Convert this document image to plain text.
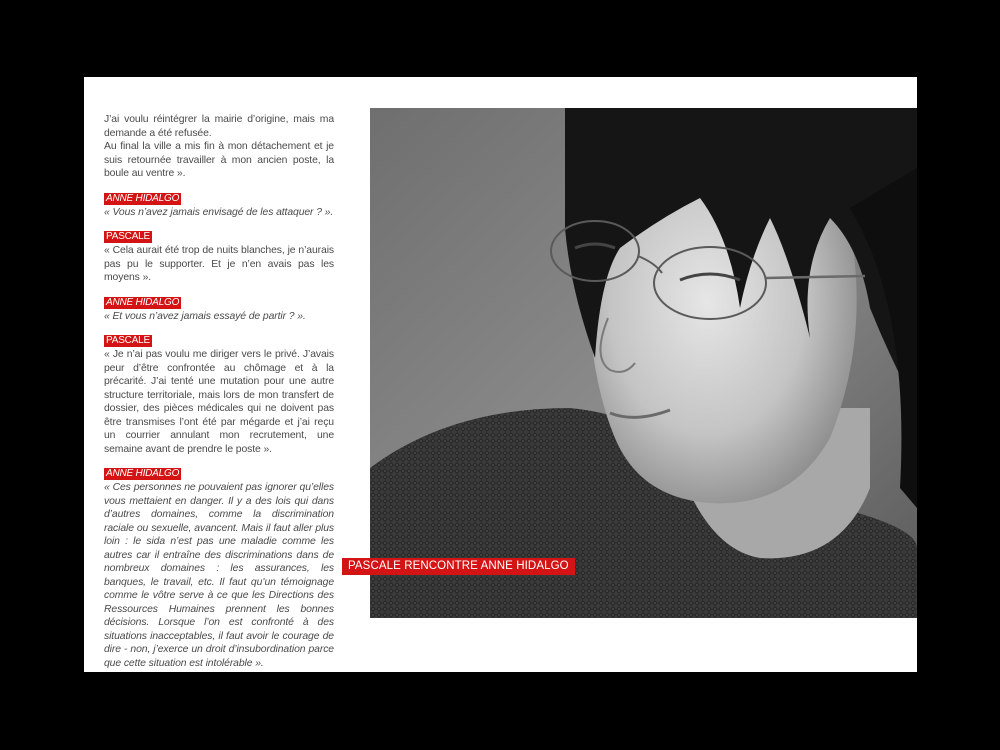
J’ai voulu réintégrer la mairie d’origine, mais ma demande a été refusée.

Au final la ville a mis fin à mon détachement et je suis retournée travailler à mon ancien poste, la boule au ventre ».

ANNE HIDALGO

« Vous n’avez jamais envisagé de les attaquer ? ».

PASCALE

« Cela aurait été trop de nuits blanches, je n’aurais pas pu le supporter. Et je n’en avais pas les moyens ».

ANNE HIDALGO

« Et vous n’avez jamais essayé de partir ? ».

PASCALE

« Je n’ai pas voulu me diriger vers le privé. J’avais peur d’être confrontée au chômage et à la précarité. J’ai tenté une mutation pour une autre structure territoriale, mais lors de mon transfert de dossier, des pièces médicales qui ne doivent pas être transmises l’ont été par mégarde et j’ai reçu un courrier annulant mon recrutement, une semaine avant de prendre le poste ».

ANNE HIDALGO

« Ces personnes ne pouvaient pas ignorer qu’elles vous mettaient en danger. Il y a des lois qui dans d’autres domaines, comme la discrimination raciale ou sexuelle, avancent. Mais il faut aller plus loin : le sida n’est pas une maladie comme les autres car il entraîne des discriminations dans de nombreux domaines : les assurances, les banques, le travail, etc. Il faut qu’un témoignage comme le vôtre serve à ce que les Directions des Ressources Humaines prennent les bonnes décisions. Lorsque l’on est confronté à des situations inacceptables, il faut avoir le courage de dire - non, j’exerce un droit d’insubordination parce que cette situation est intolérable ».

PASCALE RENCONTRE ANNE HIDALGO
